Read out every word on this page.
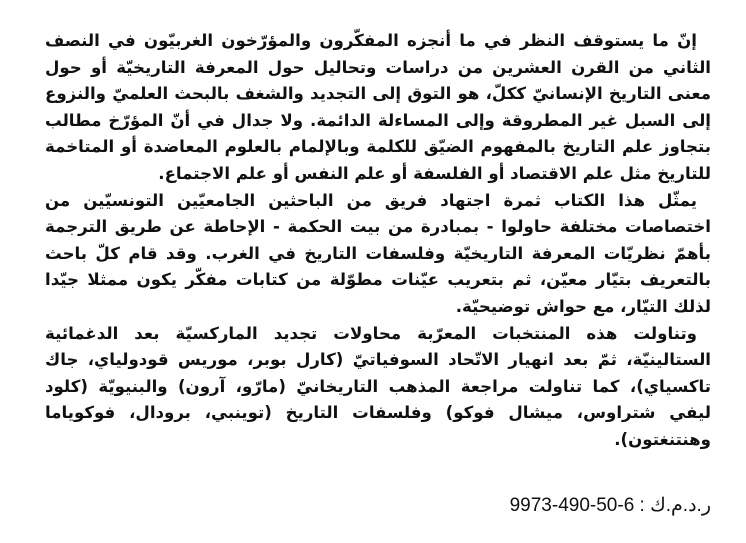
إنّ ما يستوقف النظر في ما أنجزه المفكّرون والمؤرّخون الغربيّون في النصف الثاني من القرن العشرين من دراسات وتحاليل حول المعرفة التاريخيّة أو حول معنى التاريخ الإنسانيّ ككلّ، هو التوق إلى التجديد والشغف بالبحث العلميّ والنزوع إلى السبل غير المطروقة وإلى المساءلة الدائمة. ولا جدال في أنّ المؤرّخ مطالب بتجاوز علم التاريخ بالمفهوم الضيّق للكلمة وبالإلمام بالعلوم المعاضدة أو المتاخمة للتاريخ مثل علم الاقتصاد أو الفلسفة أو علم النفس أو علم الاجتماع.

يمثّل هذا الكتاب ثمرة اجتهاد فريق من الباحثين الجامعيّين التونسيّين من اختصاصات مختلفة حاولوا - بمبادرة من بيت الحكمة - الإحاطة عن طريق الترجمة بأهمّ نظريّات المعرفة التاريخيّة وفلسفات التاريخ في الغرب. وقد قام كلّ باحث بالتعريف بتيّار معيّن، ثم بتعريب عيّنات مطوّلة من كتابات مفكّر يكون ممثلا جيّدا لذلك التيّار، مع حواش توضيحيّة.

وتناولت هذه المنتخبات المعرّبة محاولات تجديد الماركسيّة بعد الدغمائية الستالينيّة، ثمّ بعد انهيار الاتّحاد السوفياتيّ (كارل بوبر، موريس قودولياي، جاك تاكسياي)، كما تناولت مراجعة المذهب التاريخانيّ (مارّو، آرون) والبنيويّة (كلود ليفي شتراوس، ميشال فوكو) وفلسفات التاريخ (توينبي، برودال، فوكوياما وهنتنغتون).

ر.د.م.ك : 9973-490-50-6
